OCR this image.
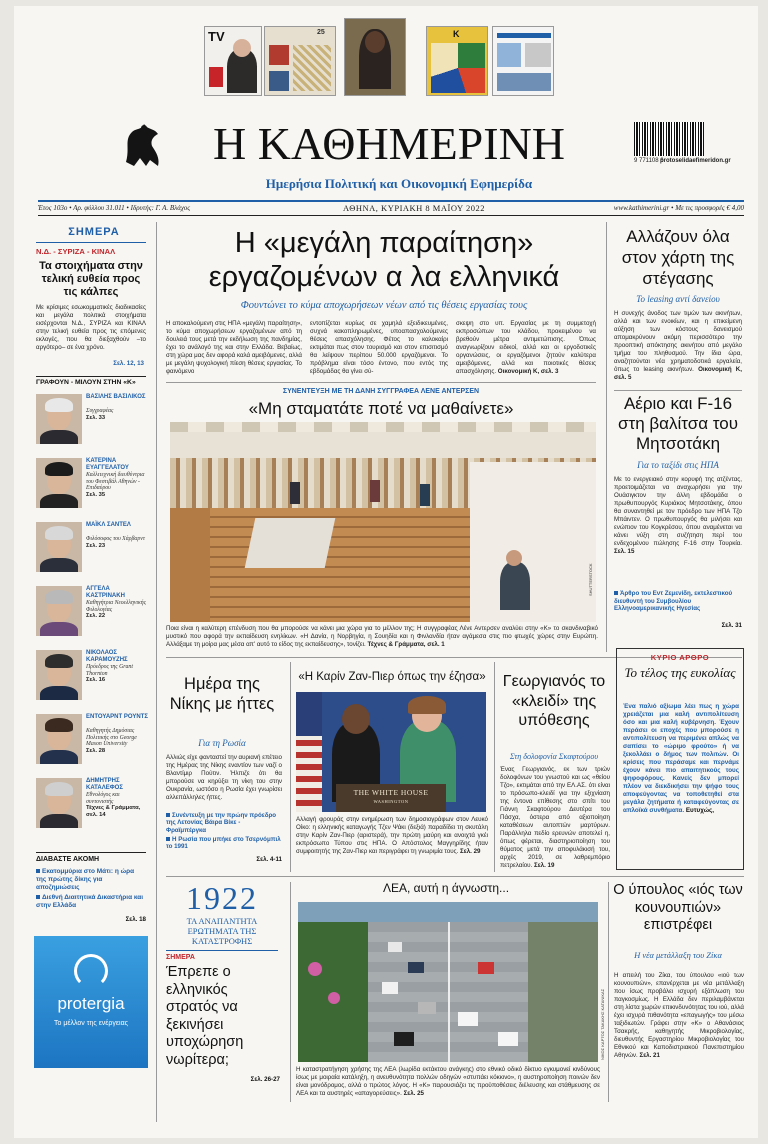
TV	25	K
Η ΚΑΘΗΜΕΡΙΝΗ
Ημερήσια Πολιτική και Οικονομική Εφημερίδα
9 771108 6
protoselidaefimeridon.gr
Έτος 103ο • Αρ. φύλλου 31.011 • Ιδρυτής: Γ. Α. Βλάχος	ΑΘΗΝΑ, ΚΥΡΙΑΚΗ 8 ΜΑΪΟΥ 2022	www.kathimerini.gr • Με τις προσφορές € 4,00
ΣΗΜΕΡΑ
Ν.Δ. - ΣΥΡΙΖΑ - ΚΙΝΑΛ
Τα στοιχήματα στην τελική ευθεία προς τις κάλπες
Με κρίσιμες εσωκομματικές διαδικασίες και μεγάλα πολιτικά στοιχήματα εισέρχονται Ν.Δ., ΣΥΡΙΖΑ και ΚΙΝΑΛ στην τελική ευθεία προς τις επόμενες εκλογές, που θα διεξαχθούν –το αργότερο– σε ένα χρόνο.
Σελ. 12, 13
ΓΡΑΦΟΥΝ - ΜΙΛΟΥΝ ΣΤΗΝ «Κ»
ΒΑΣΙΛΗΣ ΒΑΣΙΛΙΚΟΣ
Συγγραφέας
Σελ. 33
ΚΑΤΕΡΙΝΑ ΕΥΑΓΓΕΛΑΤΟΥ
Καλλιτεχνική διευθύντρια του Φεστιβάλ Αθηνών - Επιδαύρου
Σελ. 35
ΜΑΪΚΛ ΣΑΝΤΕΛ
Φιλόσοφος του Χάρβαρντ
Σελ. 23
ΑΓΓΕΛΑ ΚΑΣΤΡΙΝΑΚΗ
Καθηγήτρια Νεοελληνικής Φιλολογίας
Σελ. 22
ΝΙΚΟΛΑΟΣ ΚΑΡΑΜΟΥΖΗΣ
Πρόεδρος της Grant Thornton
Σελ. 16
ΕΝΤΟΥΑΡΝΤ ΡΟΥΝΤΣ
Καθηγητής Δημόσιας Πολιτικής στο George Mason University
Σελ. 28
ΔΗΜΗΤΡΗΣ ΚΑΤΑΛΕΦΟΣ
Εθνολόγος και συντονιστής
Τέχνες & Γράμματα, σελ. 14
ΔΙΑΒΑΣΤΕ ΑΚΟΜΗ
Εκατομμύρια στο Μάτι: η ώρα της πρώτης δίκης για αποζημιώσεις
Διεθνή Διαιτητικά Δικαστήρια και στην Ελλάδα
Σελ. 18
protergia
Το μέλλον της ενέργειας
Η «μεγάλη παραίτηση»
εργαζομένων α λα ελληνικά
Φουντώνει το κύμα αποχωρήσεων νέων από τις θέσεις εργασίας τους
Η αποκαλούμενη στις ΗΠΑ «μεγάλη παραίτηση», το κύμα αποχωρήσεων εργαζομένων από τη δουλειά τους μετά την εκδήλωση της πανδημίας, έχει το ανάλογό της και στην Ελλάδα. Βεβαίως, στη χώρα μας δεν αφορά καλά αμειβόμενες, αλλά με μεγάλη ψυχολογική πίεση θέσεις εργασίας. Το φαινόμενο
εντοπίζεται κυρίως σε χαμηλά εξειδικευμένες, συχνά κακοπληρωμένες, υποαπασχολούμενες θέσεις απασχόλησης. Φέτος το καλοκαίρι εκτιμάται πως στον τουρισμό και στον επισιτισμό θα λείψουν περίπου 50.000 εργαζόμενοι. Το πρόβλημα είναι τόσο έντονο, που εντός της εβδομάδας θα γίνει σύ-
σκεψη στο υπ. Εργασίας με τη συμμετοχή εκπροσώπων του κλάδου, προκειμένου να βρεθούν μέτρα αντιμετώπισης. Όπως αναγνωρίζουν ειδικοί, αλλά και οι εργοδοτικές οργανώσεις, οι εργαζόμενοι ζητούν καλύτερα αμειβόμενες, αλλά και ποιοτικές θέσεις απασχόλησης. Οικονομική Κ, σελ. 3
ΣΥΝΕΝΤΕΥΞΗ ΜΕ ΤΗ ΔΑΝΗ ΣΥΓΓΡΑΦΕΑ ΛΕΝΕ ΑΝΤΕΡΣΕΝ
«Μη σταματάτε ποτέ να μαθαίνετε»
SHUTTERSTOCK
Ποια είναι η καλύτερη επένδυση που θα μπορούσε να κάνει μια χώρα για το μέλλον της; Η συγγραφέας Λένε Αντερσεν αναλύει στην «Κ» το σκανδιναβικό μυστικό που αφορά την εκπαίδευση ενηλίκων. «Η Δανία, η Νορβηγία, η Σουηδία και η Φινλανδία ήταν αγάμεσα στις πιο φτωχές χώρες στην Ευρώπη. Αλλάξαμε τη μοίρα μας μέσα απ' αυτό το είδος της εκπαίδευσης», τονίζει. Τέχνες & Γράμματα, σελ. 1
Αλλάζουν όλα στον χάρτη της στέγασης
Το leasing αντί δανείου
Η συνεχής άνοδος των τιμών των ακινήτων, αλλά και των ενοικίων, και η επικείμενη αύξηση των κόστους δανεισμού απομακρύνουν ακόμη περισσότερο την προοπτική απόκτησης ακινήτου από μεγάλο τμήμα του πληθυσμού. Την ίδια ώρα, αναζητούνται νέα χρηματοδοτικά εργαλεία, όπως το leasing ακινήτων. Οικονομική Κ, σελ. 5
Αέριο και F-16 στη βαλίτσα του Μητσοτάκη
Για το ταξίδι στις ΗΠΑ
Με το ενεργειακό στην κορυφή της ατζέντας, προετοιμάζεται να αναχωρήσει για την Ουάσιγκτον την άλλη εβδομάδα ο πρωθυπουργός Κυριάκος Μητσοτάκης, όπου θα συναντηθεί με τον πρόεδρο των ΗΠΑ Τζο Μπάιντεν. Ο πρωθυπουργός θα μιλήσει και ενώπιον του Κογκρέσου, όπου αναμένεται να κάνει νύξη στη συζήτηση περί του ενδεχομένου πώλησης F-16 στην Τουρκία. Σελ. 15
Άρθρο του Εντ Ζεμενίδη, εκτελεστικού διευθυντή του Συμβουλίου Ελληνοαμερικανικής Ηγεσίας
Σελ. 31
Ημέρα της Νίκης με ήττες
Για τη Ρωσία
Αλλιώς είχε φανταστεί την αυριανή επέτειο της Ημέρας της Νίκης εναντίον των ναζί ο Βλαντίμιρ Πούτιν. Ήλπιζε ότι θα μπορούσε να κηρύξει τη νίκη του στην Ουκρανία, ωστόσο η Ρωσία έχει γνωρίσει αλλεπάλληλες ήττες.
Συνέντευξη με την πρώην πρόεδρο της Λετονίας Βάιρα Βίκε - Φραϊμπέργκα
Η Ρωσία που μπήκε στο Τσερνόμπιλ το 1991
Σελ. 4-11
«Η Καρίν Ζαν-Πιερ όπως την έζησα»
THE WHITE HOUSE
WASHINGTON
Αλλαγή φρουράς στην ενημέρωση των δημοσιογράφων στον Λευκό Οίκο: η ελληνικής καταγωγής Τζεν Ψάκι (δεξιά) παραδίδει τη σκυτάλη στην Καρίν Ζαν-Πιερ (αριστερά), την πρώτη μαύρη και ανοιχτά γκέι εκπρόσωπο Τύπου στις ΗΠΑ. Ο Απόστολος Μαγγηρίδης ήταν συμφοιτητής της Ζαν-Πιερ και περιγράφει τη γνωριμία τους. Σελ. 29
Γεωργιανός το «κλειδί» της υπόθεσης
Στη δολοφονία Σκαφτούρου
Ένας Γεωργιανός, εκ των τριών δολοφόνων του γνωστού και ως «θείου Τζο», εκτιμάται από την ΕΛ.ΑΣ. ότι είναι το πρόσωπο-κλειδί για την εξιχνίαση της έντονα επίθεσης στο σπίτι του Γιάννη Σκαφτούρου Δευτέρα του Πάσχα, όστερα από αξιοποίηση καταθέσεων αυτοπτών μαρτύρων. Παράλληλα πεδίο ερευνών αποτελεί η, όπως φέρεται, διαστηριοποίηση του θύματος μετά την αποφυλάκισή του, αρχές 2019, σε λαθρεμπόριο πετρελαίου. Σελ. 19
ΚΥΡΙΟ ΑΡΘΡΟ
Το τέλος της ευκολίας
Ένα παλιό αξίωμα λέει πως η χώρα χρειάζεται μια καλή αντιπολίτευση όσο και μια καλή κυβέρνηση. Έχουν περάσει οι εποχές που μπορούσε η αντιπολίτευση να περιμένει απλώς να σαπίσει το «ώριμο φρούτο» ή να ξεκολλάει ο δήμος των πολιτών. Οι κρίσεις που περάσαμε και περνάμε έχουν κάνει πιο απαιτητικούς τους ψηφοφόρους. Κανείς δεν μπορεί πλέον να διεκδικήσει την ψήφο τους αποφεύγοντας να τοποθετηθεί στα μεγάλα ζητήματα ή καταφεύγοντας σε απλοϊκά συνθήματα. Ευτυχώς,
1922
ΤΑ ΑΝΑΠΑΝΤΗΤΑ ΕΡΩΤΗΜΑΤΑ ΤΗΣ ΚΑΤΑΣΤΡΟΦΗΣ
ΣΗΜΕΡΑ
Έπρεπε ο ελληνικός στρατός να ξεκινήσει υποχώρηση νωρίτερα;
Σελ. 26-27
ΛΕΑ, αυτή η άγνωστη...
ΝΙΚΟΣ ΚΑΡΤΟΣ ΤΑΚΑΚΗΣ ΚΑΤΑΝΙΚΑΣ
Η καταστρατήγηση χρήσης της ΛΕΑ (λωρίδα εκτάκτου ανάγκης) στο εθνικό οδικό δίκτυο εγκυμονεί κινδύνους ίσως με μοιραία κατάληξη, η ανευθυνότητα πολλών οδηγών «στυπάει κόκκινο», η αυστηροποίηση ποινών δεν είναι μονόδρομος, αλλά ο πρώτος λόγος. Η «Κ» παρουσιάζει τις προϋποθέσεις διέλευσης και στάθμευσης σε ΛΕΑ και τα αυστηρές «απαγορεύσεις». Σελ. 25
Ο ύπουλος «ιός των κουνουπιών» επιστρέφει
Η νέα μετάλλαξη του Ζίκα
Η απειλή του Ζίκα, του ύπουλου «ιού των κουνουπιών», επανέρχεται με νέα μετάλλαξη που ίσως προβάλει ισχυρή εξάπλωση του παγκοσμίως. Η Ελλάδα δεν περιλαμβάνεται στη λίστα χωρών επικινδυνότητας του ιού, αλλά έχει ισχυρά πιθανότητα «επαγωγής» του μέσω ταξιδιωτών. Γράφει στην «Κ» ο Αθανάσιος Τσακρής, καθηγητής Μικροβιολογίας, διευθυντής Εργαστηρίου Μικροβιολογίας του Εθνικού και Καποδιστριακού Πανεπιστημίου Αθηνών. Σελ. 21
